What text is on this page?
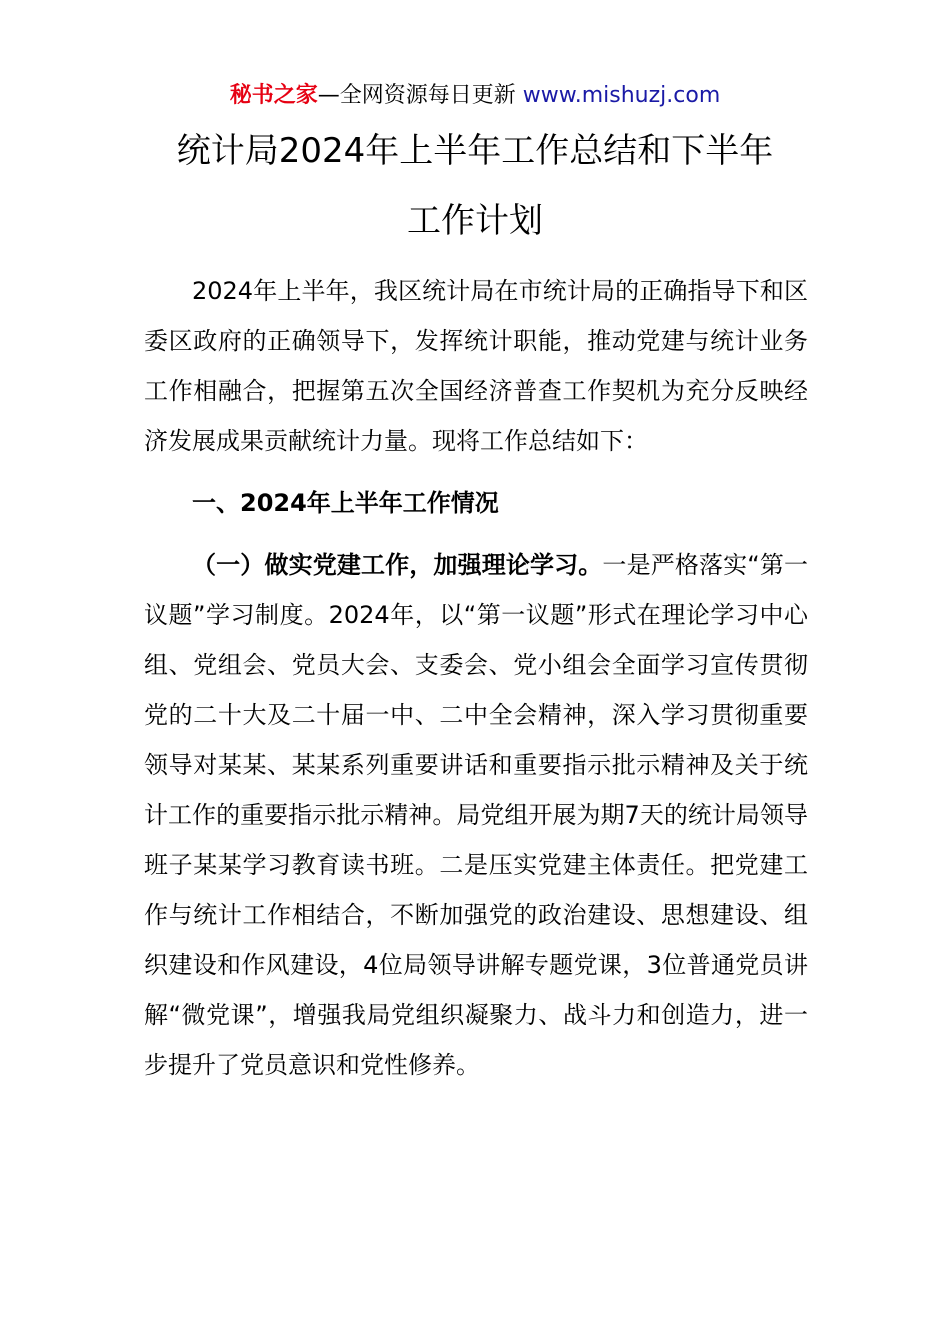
秘书之家—全网资源每日更新 www.mishuzj.com
统计局2024年上半年工作总结和下半年
工作计划

2024年上半年，我区统计局在市统计局的正确指导下和区委区政府的正确领导下，发挥统计职能，推动党建与统计业务工作相融合，把握第五次全国经济普查工作契机为充分反映经济发展成果贡献统计力量。现将工作总结如下：

一、2024年上半年工作情况

（一）做实党建工作，加强理论学习。一是严格落实“第一议题”学习制度。2024年，以“第一议题”形式在理论学习中心组、党组会、党员大会、支委会、党小组会全面学习宣传贯彻党的二十大及二十届一中、二中全会精神，深入学习贯彻重要领导对某某、某某系列重要讲话和重要指示批示精神及关于统计工作的重要指示批示精神。局党组开展为期7天的统计局领导班子某某学习教育读书班。二是压实党建主体责任。把党建工作与统计工作相结合，不断加强党的政治建设、思想建设、组织建设和作风建设，4位局领导讲解专题党课，3位普通党员讲解“微党课”，增强我局党组织凝聚力、战斗力和创造力，进一步提升了党员意识和党性修养。
